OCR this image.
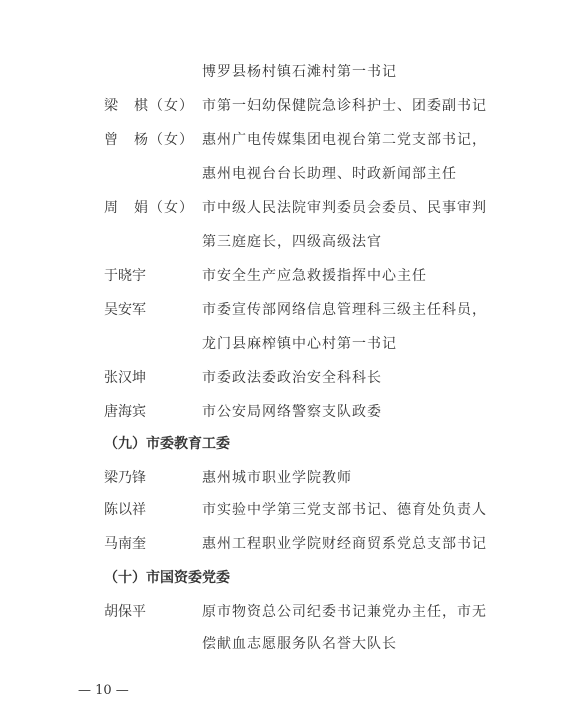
博罗县杨村镇石滩村第一书记
梁　棋（女） 市第一妇幼保健院急诊科护士、团委副书记
曾　杨（女） 惠州广电传媒集团电视台第二党支部书记，
惠州电视台台长助理、时政新闻部主任
周　娟（女） 市中级人民法院审判委员会委员、民事审判
第三庭庭长，四级高级法官
于晓宇	市安全生产应急救援指挥中心主任
吴安军	市委宣传部网络信息管理科三级主任科员，
龙门县麻榨镇中心村第一书记
张汉坤	市委政法委政治安全科科长
唐海宾	市公安局网络警察支队政委
（九）市委教育工委
梁乃锋	惠州城市职业学院教师
陈以祥	市实验中学第三党支部书记、德育处负责人
马南奎	惠州工程职业学院财经商贸系党总支部书记
（十）市国资委党委
胡保平	原市物资总公司纪委书记兼党办主任，市无
偿献血志愿服务队名誉大队长
— 10 —
